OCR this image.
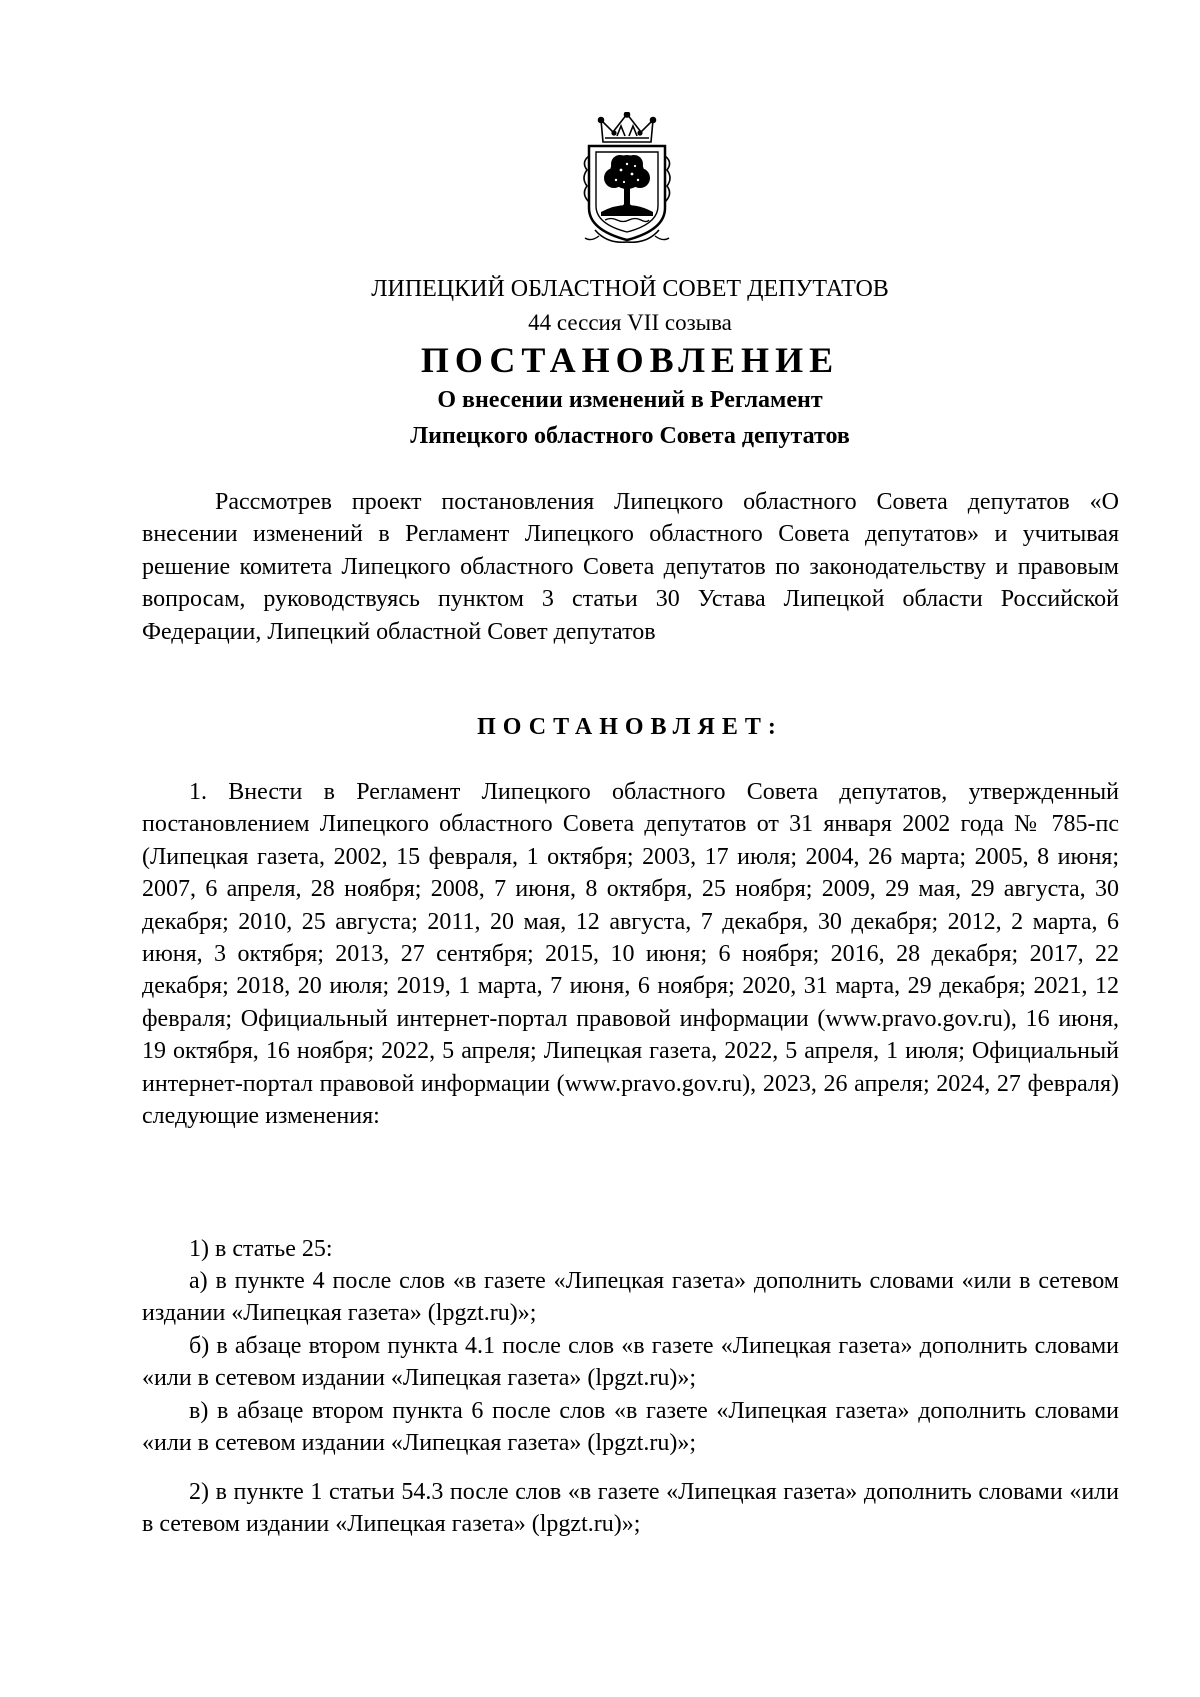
ЛИПЕЦКИЙ ОБЛАСТНОЙ СОВЕТ ДЕПУТАТОВ
44 сессия VII созыва
ПОСТАНОВЛЕНИЕ
О внесении изменений в Регламент
Липецкого областного Совета депутатов

Рассмотрев проект постановления Липецкого областного Совета депутатов «О внесении изменений в Регламент Липецкого областного Совета депутатов» и учитывая решение комитета Липецкого областного Совета депутатов по законодательству и правовым вопросам, руководствуясь пунктом 3 статьи 30 Устава Липецкой области Российской Федерации, Липецкий областной Совет депутатов

ПОСТАНОВЛЯЕТ:

1. Внести в Регламент Липецкого областного Совета депутатов, утвержденный постановлением Липецкого областного Совета депутатов от 31 января 2002 года № 785-пс (Липецкая газета, 2002, 15 февраля, 1 октября; 2003, 17 июля; 2004, 26 марта; 2005, 8 июня; 2007, 6 апреля, 28 ноября; 2008, 7 июня, 8 октября, 25 ноября; 2009, 29 мая, 29 августа, 30 декабря; 2010, 25 августа; 2011, 20 мая, 12 августа, 7 декабря, 30 декабря; 2012, 2 марта, 6 июня, 3 октября; 2013, 27 сентября; 2015, 10 июня; 6 ноября; 2016, 28 декабря; 2017, 22 декабря; 2018, 20 июля; 2019, 1 марта, 7 июня, 6 ноября; 2020, 31 марта, 29 декабря; 2021, 12 февраля; Официальный интернет-портал правовой информации (www.pravo.gov.ru), 16 июня, 19 октября, 16 ноября; 2022, 5 апреля; Липецкая газета, 2022, 5 апреля, 1 июля; Официальный интернет-портал правовой информации (www.pravo.gov.ru), 2023, 26 апреля; 2024, 27 февраля) следующие изменения:

1) в статье 25:

а) в пункте 4 после слов «в газете «Липецкая газета» дополнить словами «или в сетевом издании «Липецкая газета» (lpgzt.ru)»;

б) в абзаце втором пункта 4.1 после слов «в газете «Липецкая газета» дополнить словами «или в сетевом издании «Липецкая газета» (lpgzt.ru)»;

в) в абзаце втором пункта 6 после слов «в газете «Липецкая газета» дополнить словами «или в сетевом издании «Липецкая газета» (lpgzt.ru)»;

2) в пункте 1 статьи 54.3 после слов «в газете «Липецкая газета» дополнить словами «или в сетевом издании «Липецкая газета» (lpgzt.ru)»;
